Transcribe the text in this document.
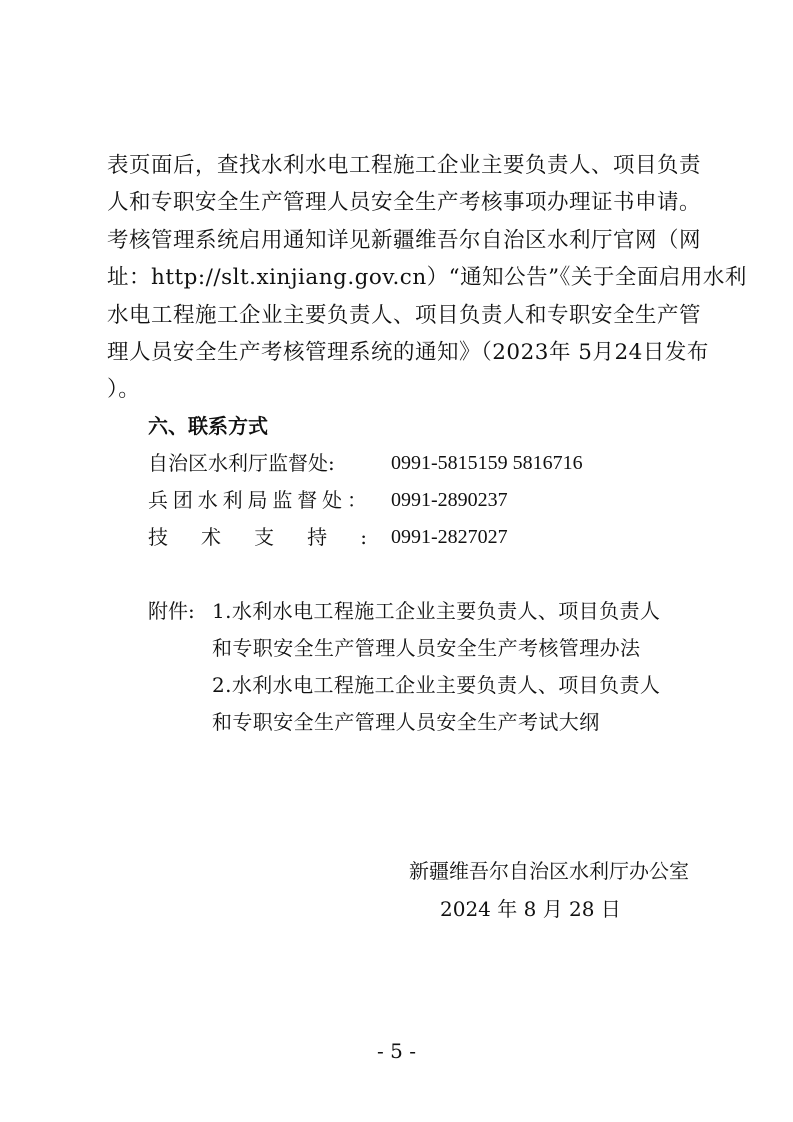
表页面后，查找水利水电工程施工企业主要负责人、项目负责
人和专职安全生产管理人员安全生产考核事项办理证书申请。
考核管理系统启用通知详见新疆维吾尔自治区水利厅官网（网
址：http://slt.xinjiang.gov.cn）“通知公告”《关于全面启用水利
水电工程施工企业主要负责人、项目负责人和专职安全生产管
理人员安全生产考核管理系统的通知》（2023年 5月24日发布
）。
六、联系方式
自治区水利厅监督处:	0991-5815159 5816716
兵团水利局监督处： 0991-2890237
技术支持: 0991-2827027
附件: 1.水利水电工程施工企业主要负责人、项目负责人
和专职安全生产管理人员安全生产考核管理办法
2.水利水电工程施工企业主要负责人、项目负责人
和专职安全生产管理人员安全生产考试大纲
新疆维吾尔自治区水利厅办公室
2024 年 8 月 28 日
- 5 -
